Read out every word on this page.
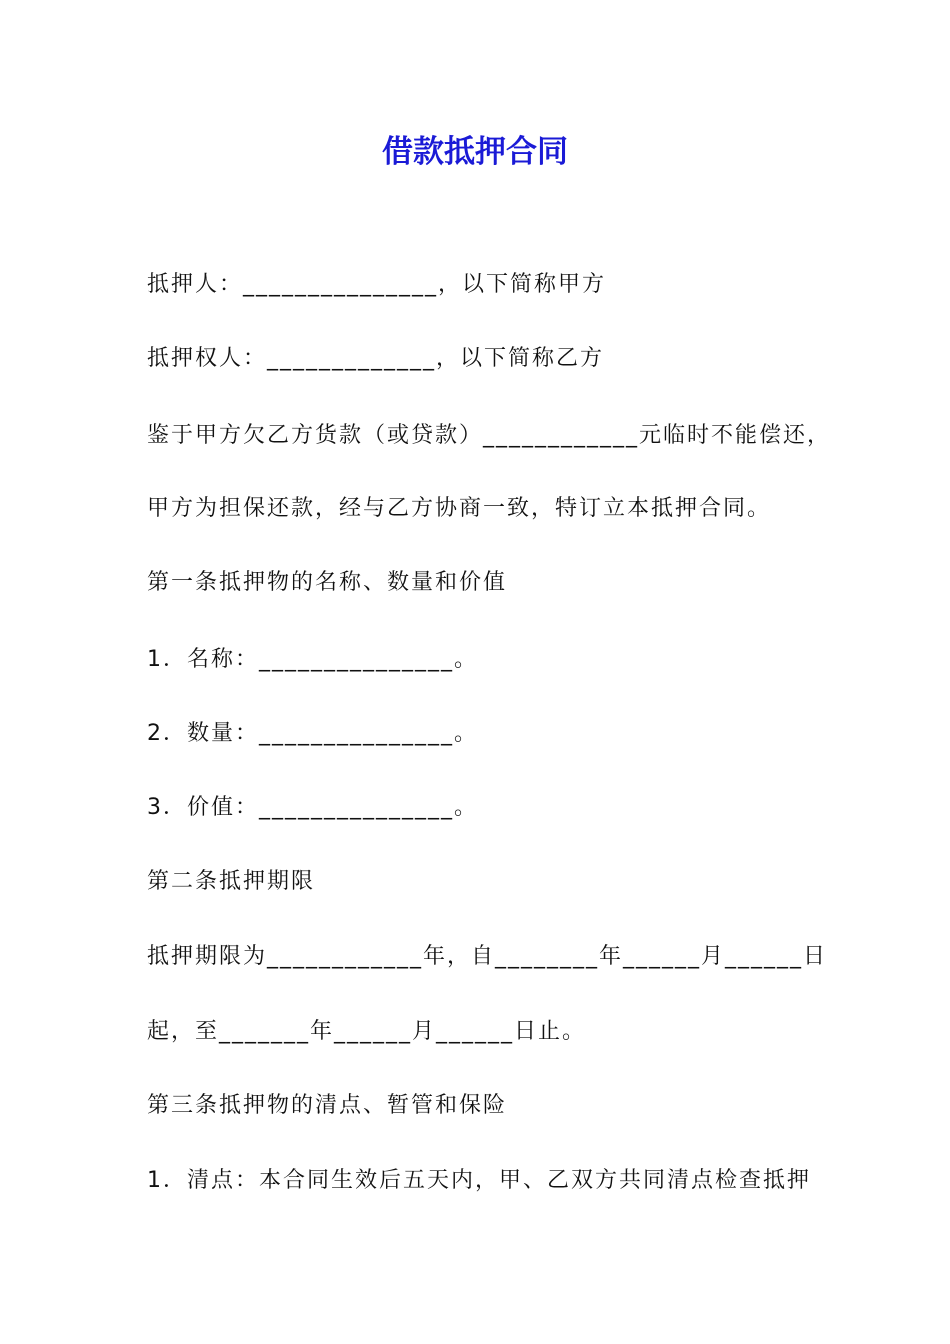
借款抵押合同

抵押人：_______________，以下简称甲方

抵押权人：_____________，以下简称乙方

鉴于甲方欠乙方货款（或贷款）____________元临时不能偿还，

甲方为担保还款，经与乙方协商一致，特订立本抵押合同。

第一条抵押物的名称、数量和价值

1．名称：_______________。

2．数量：_______________。

3．价值：_______________。

第二条抵押期限

抵押期限为____________年，自________年______月______日

起，至_______年______月______日止。

第三条抵押物的清点、暂管和保险

1．清点：本合同生效后五天内，甲、乙双方共同清点检查抵押
